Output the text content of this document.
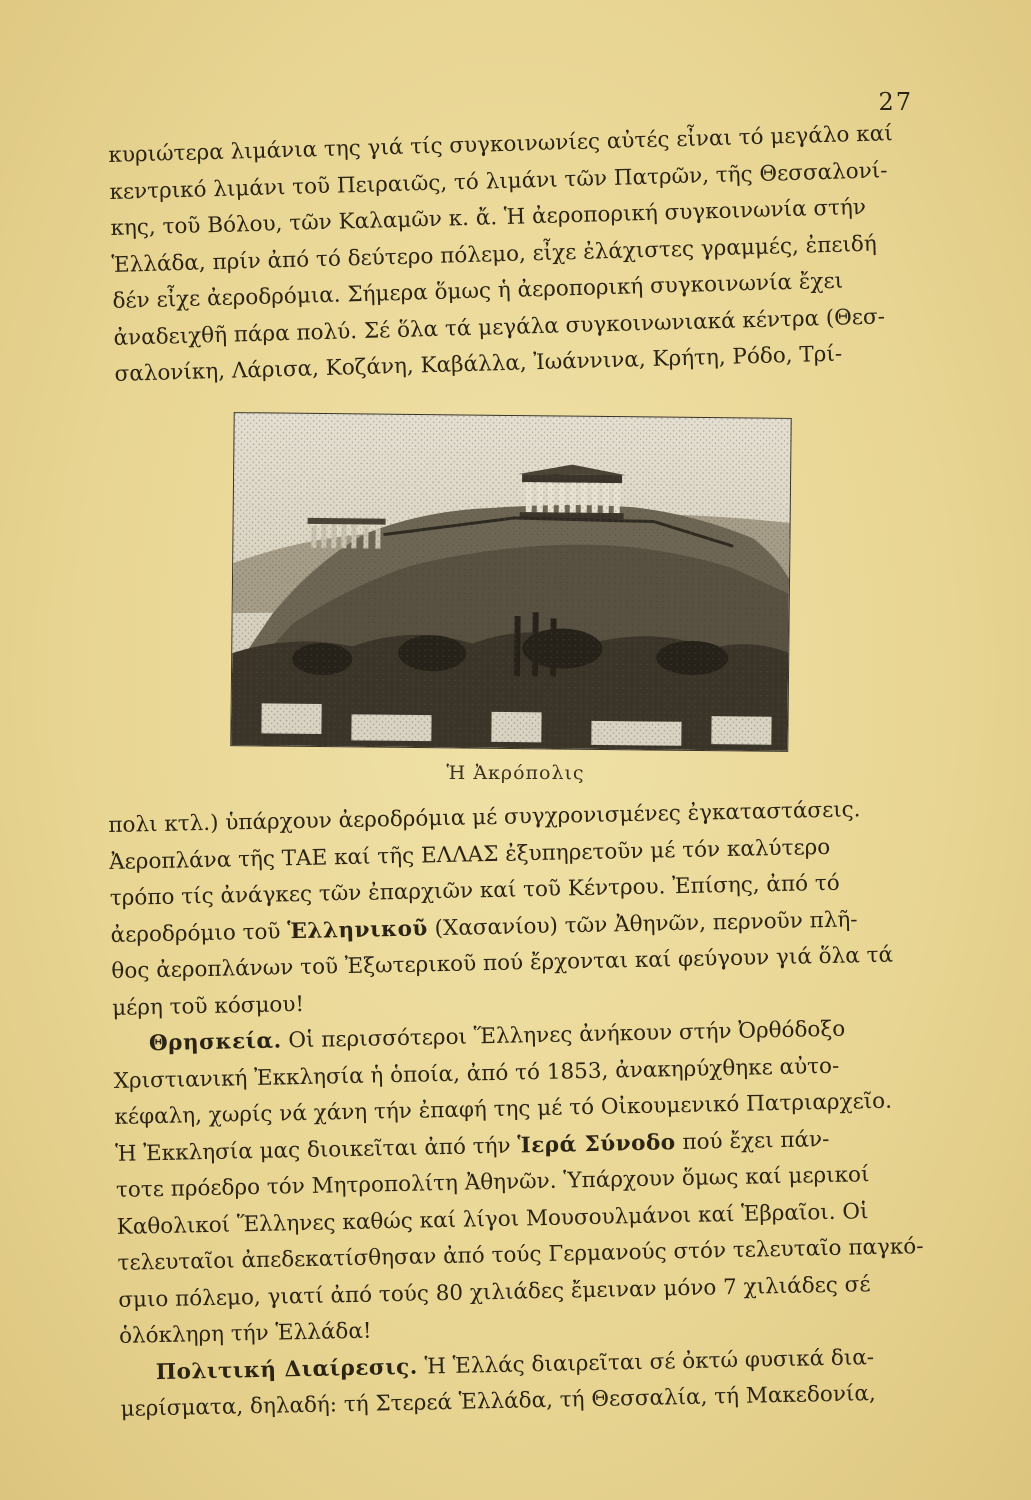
27
κυριώτερα λιμάνια της γιά τίς συγκοινωνίες αὐτές εἶναι τό μεγάλο καί
κεντρικό λιμάνι τοῦ Πειραιῶς, τό λιμάνι τῶν Πατρῶν, τῆς Θεσσαλονί-
κης, τοῦ Βόλου, τῶν Καλαμῶν κ. ἄ. Ἡ ἀεροπορική συγκοινωνία στήν
Ἑλλάδα, πρίν ἀπό τό δεύτερο πόλεμο, εἶχε ἐλάχιστες γραμμές, ἐπειδή
δέν εἶχε ἀεροδρόμια. Σήμερα ὅμως ἡ ἀεροπορική συγκοινωνία ἔχει
ἀναδειχθῆ πάρα πολύ. Σέ ὅλα τά μεγάλα συγκοινωνιακά κέντρα (Θεσ-
σαλονίκη, Λάρισα, Κοζάνη, Καβάλλα, Ἰωάννινα, Κρήτη, Ρόδο, Τρί-
Ἡ Ἀκρόπολις
πολι κτλ.) ὑπάρχουν ἀεροδρόμια μέ συγχρονισμένες ἐγκαταστάσεις.
Ἀεροπλάνα τῆς ΤΑΕ καί τῆς ΕΛΛΑΣ ἐξυπηρετοῦν μέ τόν καλύτερο
τρόπο τίς ἀνάγκες τῶν ἐπαρχιῶν καί τοῦ Κέντρου. Ἐπίσης, ἀπό τό
ἀεροδρόμιο τοῦ Ἑλληνικοῦ (Χασανίου) τῶν Ἀθηνῶν, περνοῦν πλῆ-
θος ἀεροπλάνων τοῦ Ἐξωτερικοῦ πού ἔρχονται καί φεύγουν γιά ὅλα τά
μέρη τοῦ κόσμου!
Θρησκεία. Οἱ περισσότεροι Ἕλληνες ἀνήκουν στήν Ὀρθόδοξο
Χριστιανική Ἐκκλησία ἡ ὁποία, ἀπό τό 1853, ἀνακηρύχθηκε αὐτο-
κέφαλη, χωρίς νά χάνη τήν ἐπαφή της μέ τό Οἰκουμενικό Πατριαρχεῖο.
Ἡ Ἐκκλησία μας διοικεῖται ἀπό τήν Ἱερά Σύνοδο πού ἔχει πάν-
τοτε πρόεδρο τόν Μητροπολίτη Ἀθηνῶν. Ὑπάρχουν ὅμως καί μερικοί
Καθολικοί Ἕλληνες καθώς καί λίγοι Μουσουλμάνοι καί Ἑβραῖοι. Οἱ
τελευταῖοι ἀπεδεκατίσθησαν ἀπό τούς Γερμανούς στόν τελευταῖο παγκό-
σμιο πόλεμο, γιατί ἀπό τούς 80 χιλιάδες ἔμειναν μόνο 7 χιλιάδες σέ
ὁλόκληρη τήν Ἑλλάδα!
Πολιτική Διαίρεσις. Ἡ Ἑλλάς διαιρεῖται σέ ὀκτώ φυσικά δια-
μερίσματα, δηλαδή: τή Στερεά Ἑλλάδα, τή Θεσσαλία, τή Μακεδονία,
